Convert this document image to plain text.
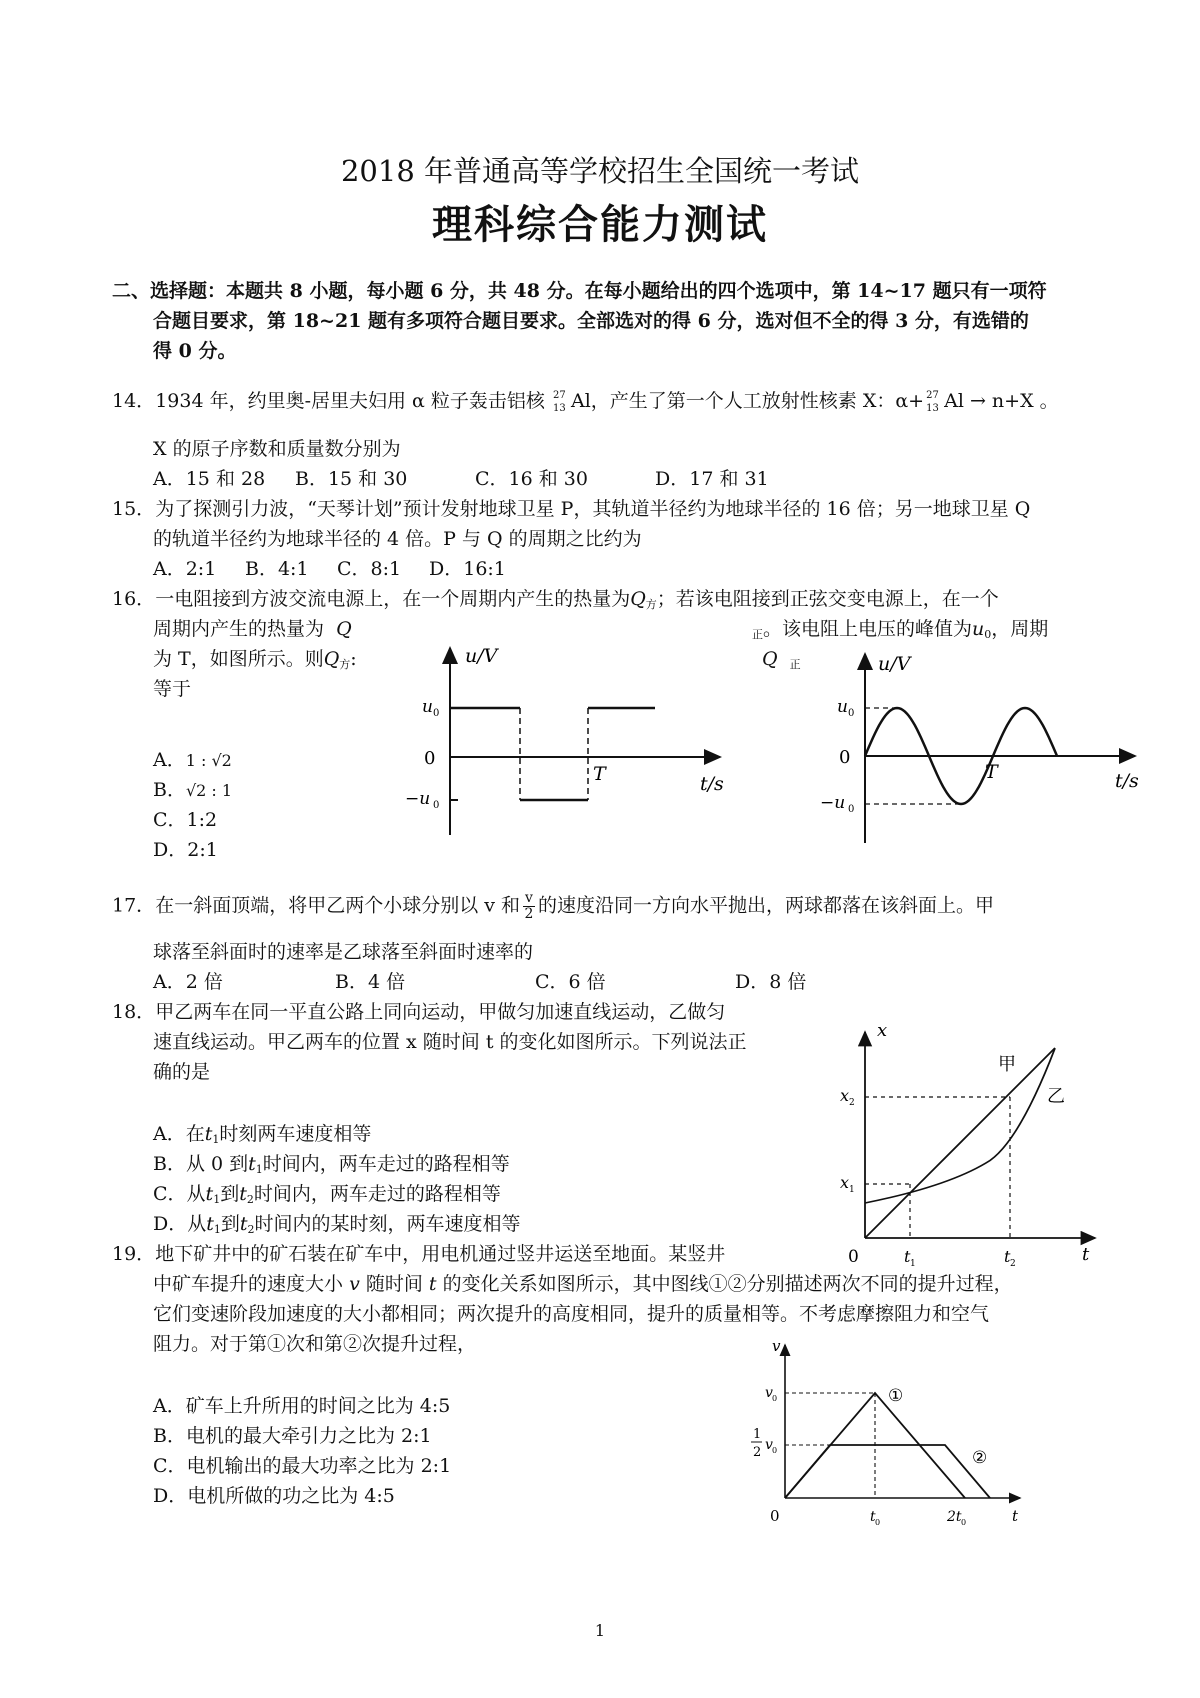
2018 年普通高等学校招生全国统一考试
理科综合能力测试
二、选择题：本题共 8 小题，每小题 6 分，共 48 分。在每小题给出的四个选项中，第 14~17 题只有一项符
合题目要求，第 18~21 题有多项符合题目要求。全部选对的得 6 分，选对但不全的得 3 分，有选错的
得 0 分。
14．1934 年，约里奥-居里夫妇用 α 粒子轰击铝核 27
13 Al，产生了第一个人工放射性核素 X：α+ 27
13 Al → n+X 。
X 的原子序数和质量数分别为
A．15 和 28 B．15 和 30	C．16 和 30	D．17 和 31
15．为了探测引力波，“天琴计划”预计发射地球卫星 P，其轨道半径约为地球半径的 16 倍；另一地球卫星 Q
的轨道半径约为地球半径的 4 倍。P 与 Q 的周期之比约为
A．2:1 B．4:1 C．8:1 D．16:1
16．一电阻接到方波交流电源上，在一个周期内产生的热量为$Q_方$；若该电阻接到正弦交变电源上，在一个
周期内产生的热量为 Q	$_正$。该电阻上电压的峰值为$u_0$，周期
为 T，如图所示。则$Q_方$:	Q $_正$
等于
A．1 : √2
B．√2 : 1
C．1:2
D．2:1
u/V
t/s
0
T
u 0
−u 0
u/V
t/s
0
T
u 0
−u 0
17．在一斜面顶端，将甲乙两个小球分别以 v 和 $\frac{v}{2}$ 的速度沿同一方向水平抛出，两球都落在该斜面上。甲
球落至斜面时的速率是乙球落至斜面时速率的
A．2 倍	B．4 倍	C．6 倍	D．8 倍
18．甲乙两车在同一平直公路上同向运动，甲做匀加速直线运动，乙做匀
速直线运动。甲乙两车的位置 x 随时间 t 的变化如图所示。下列说法正
确的是
A．在$t_1$时刻两车速度相等
B．从 0 到$t_1$时间内，两车走过的路程相等
C．从$t_1$到$t_2$时间内，两车走过的路程相等
D．从$t_1$到$t_2$时间内的某时刻，两车速度相等
x
t
0
甲
乙
x 2
x 1
t 1	t 2
19．地下矿井中的矿石装在矿车中，用电机通过竖井运送至地面。某竖井
中矿车提升的速度大小 v 随时间 t 的变化关系如图所示，其中图线①②分别描述两次不同的提升过程，
它们变速阶段加速度的大小都相同；两次提升的高度相同，提升的质量相等。不考虑摩擦阻力和空气
阻力。对于第①次和第②次提升过程，
A．矿车上升所用的时间之比为 4:5
B．电机的最大牵引力之比为 2:1
C．电机输出的最大功率之比为 2:1
D．电机所做的功之比为 4:5
v
t
0
v 0
1
2 v 0
t 0	2t 0
①
②
1
